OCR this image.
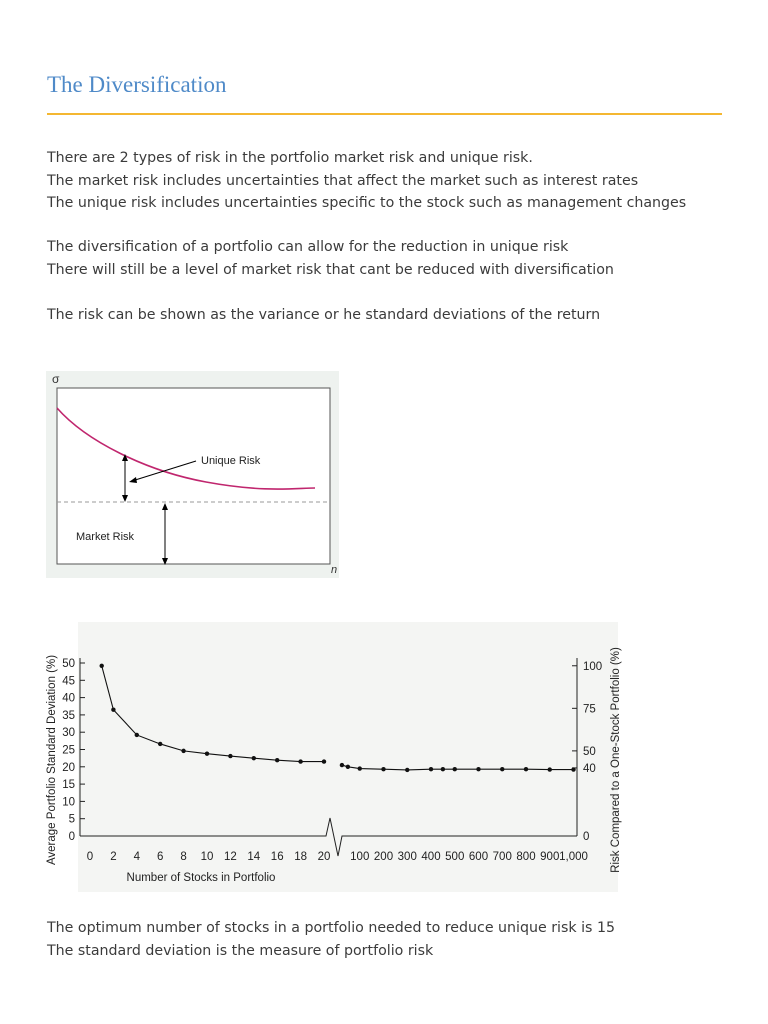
The Diversification
There are 2 types of risk in the portfolio market risk and unique risk.
The market risk includes uncertainties that affect the market such as interest rates
The unique risk includes uncertainties specific to the stock such as management changes
The diversification of a portfolio can allow for the reduction in unique risk
There will still be a level of market risk that cant be reduced with diversification
The risk can be shown as the variance or he standard deviations of the return
σ
n
Unique Risk
Market Risk
0
5
10
15
20
25
30
35
40
45
50
0
40
50
75
100
0 2 4 6 8 10 12 14 16 18 20 100 200 300 400 500 600 700 800 900 1,000
Average Portfolio Standard Deviation (%)	Risk Compared to a One-Stock Portfolio (%)
Number of Stocks in Portfolio
The optimum number of stocks in a portfolio needed to reduce unique risk is 15
The standard deviation is the measure of portfolio risk
